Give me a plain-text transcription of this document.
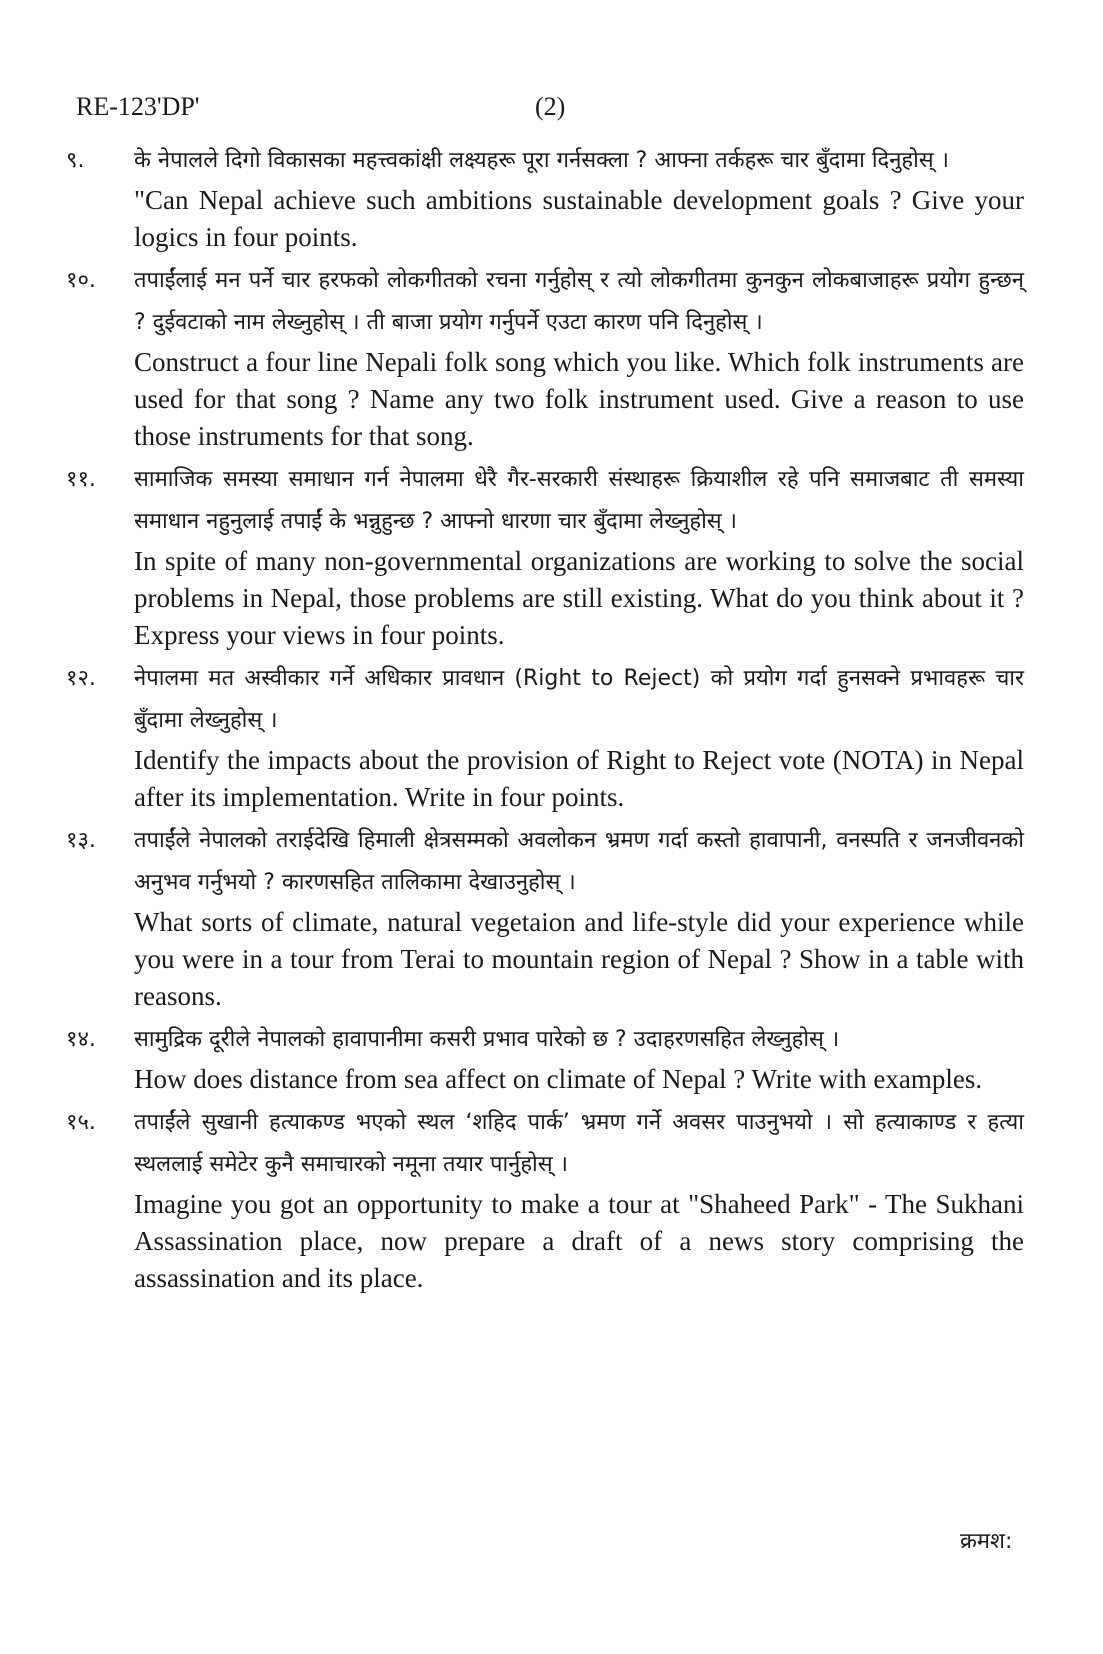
RE-123'DP'	(2)
९. के नेपालले दिगो विकासका महत्त्वकांक्षी लक्ष्यहरू पूरा गर्नसक्ला ? आफ्ना तर्कहरू चार बुँदामा दिनुहोस् ।

"Can Nepal achieve such ambitions sustainable development goals ? Give your logics in four points.

१०. तपाईंलाई मन पर्ने चार हरफको लोकगीतको रचना गर्नुहोस् र त्यो लोकगीतमा कुनकुन लोकबाजाहरू प्रयोग हुन्छन् ? दुईवटाको नाम लेख्नुहोस् । ती बाजा प्रयोग गर्नुपर्ने एउटा कारण पनि दिनुहोस् ।

Construct a four line Nepali folk song which you like. Which folk instruments are used for that song ? Name any two folk instrument used. Give a reason to use those instruments for that song.

११. सामाजिक समस्या समाधान गर्न नेपालमा धेरै गैर-सरकारी संस्थाहरू क्रियाशील रहे पनि समाजबाट ती समस्या समाधान नहुनुलाई तपाईं के भन्नुहुन्छ ? आफ्नो धारणा चार बुँदामा लेख्नुहोस् ।

In spite of many non-governmental organizations are working to solve the social problems in Nepal, those problems are still existing. What do you think about it ? Express your views in four points.

१२. नेपालमा मत अस्वीकार गर्ने अधिकार प्रावधान (Right to Reject) को प्रयोग गर्दा हुनसक्ने प्रभावहरू चार बुँदामा लेख्नुहोस् ।

Identify the impacts about the provision of Right to Reject vote (NOTA) in Nepal after its implementation. Write in four points.

१३. तपाईंले नेपालको तराईदेखि हिमाली क्षेत्रसम्मको अवलोकन भ्रमण गर्दा कस्तो हावापानी, वनस्पति र जनजीवनको अनुभव गर्नुभयो ? कारणसहित तालिकामा देखाउनुहोस् ।

What sorts of climate, natural vegetaion and life-style did your experience while you were in a tour from Terai to mountain region of Nepal ? Show in a table with reasons.

१४. सामुद्रिक दूरीले नेपालको हावापानीमा कसरी प्रभाव पारेको छ ? उदाहरणसहित लेख्नुहोस् ।

How does distance from sea affect on climate of Nepal ? Write with examples.

१५. तपाईंले सुखानी हत्याकण्ड भएको स्थल ‘शहिद पार्क’ भ्रमण गर्ने अवसर पाउनुभयो । सो हत्याकाण्ड र हत्या स्थललाई समेटेर कुनै समाचारको नमूना तयार पार्नुहोस् ।

Imagine you got an opportunity to make a tour at "Shaheed Park" - The Sukhani Assassination place, now prepare a draft of a news story comprising the assassination and its place.

क्रमश:
